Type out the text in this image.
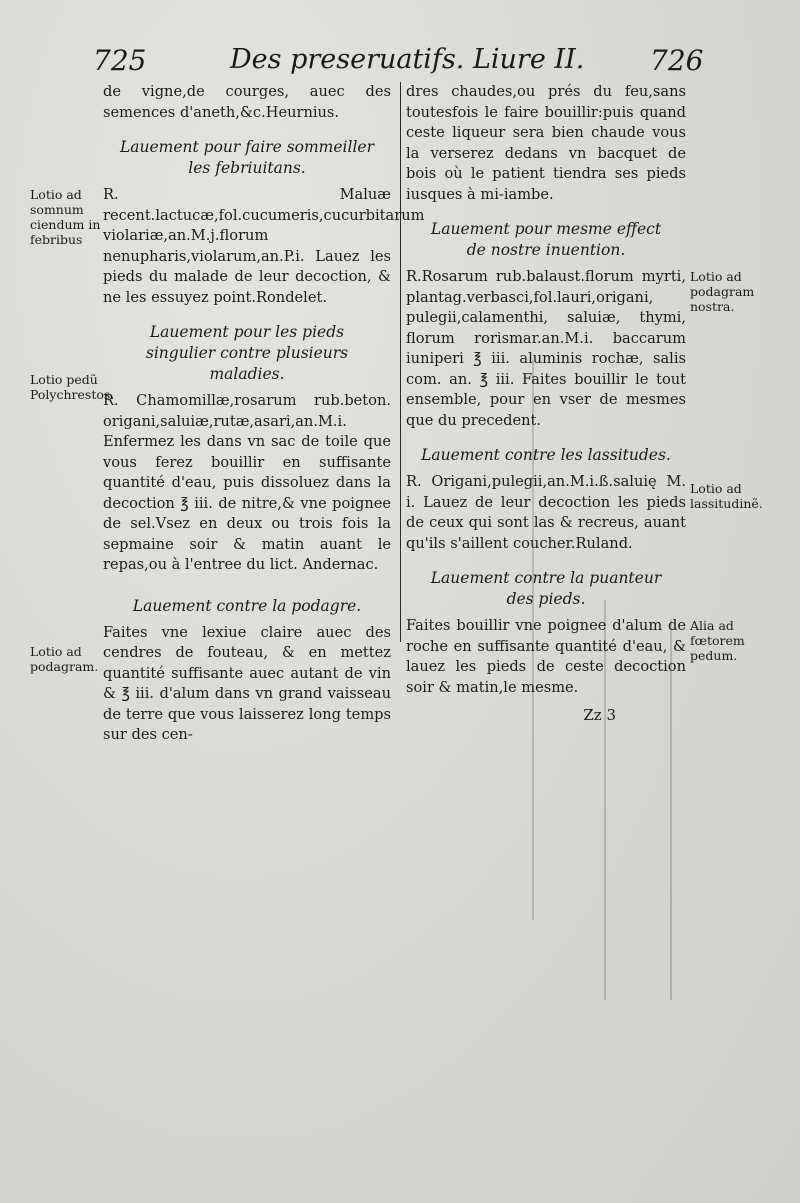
725	Des preseruatifs. Liure II. 726

de vigne,de courges, auec des semences d'aneth,&c.Heurnius.

Lauement pour faire sommeiller les febriuitans.
Lotio ad somnum ciendum in febribus

R. Maluæ recent.lactucæ,fol.cucumeris,cucurbitarum violariæ,an.M.j.florum nenupharis,violarum,an.P.i. Lauez les pieds du malade de leur decoction, & ne les essuyez point.Rondelet.

Lauement pour les pieds singulier contre plusieurs maladies.
Lotio pedũ Polychrestos.

R. Chamomillæ,rosarum rub.beton. origani,saluiæ,rutæ,asari,an.M.i. Enfermez les dans vn sac de toile que vous ferez bouillir en suffisante quantité d'eau, puis dissoluez dans la decoction ℥ iii. de nitre,& vne poignee de sel.Vsez en deux ou trois fois la sepmaine soir & matin auant le repas,ou à l'entree du lict. Andernac.

Lauement contre la podagre.
Lotio ad podagram.

Faites vne lexiue claire auec des cendres de fouteau, & en mettez quantité suffisante auec autant de vin & ℥ iii. d'alum dans vn grand vaisseau de terre que vous laisserez long temps sur des cen-

dres chaudes,ou prés du feu,sans toutesfois le faire bouillir:puis quand ceste liqueur sera bien chaude vous la verserez dedans vn bacquet de bois où le patient tiendra ses pieds iusques à mi-iambe.

Lauement pour mesme effect de nostre inuention.
Lotio ad podagram nostra.

R.Rosarum rub.balaust.florum myrti, plantag.verbasci,fol.lauri,origani, pulegii,calamenthi, saluiæ, thymi, florum rorismar.an.M.i. baccarum iuniperi ℥ iii. aluminis rochæ, salis com. an. ℥ iii. Faites bouillir le tout ensemble, pour en vser de mesmes que du precedent.

Lauement contre les lassitudes.
Lotio ad lassitudinẽ.

R. Origani,pulegii,an.M.i.ß.saluię M. i. Lauez de leur decoction les pieds de ceux qui sont las & recreus, auant qu'ils s'aillent coucher.Ruland.

Lauement contre la puanteur des pieds.
Alia ad fœtorem pedum.

Faites bouillir vne poignee d'alum de roche en suffisante quantité d'eau, & lauez les pieds de ceste decoction soir & matin,le mesme.

Zz 3
